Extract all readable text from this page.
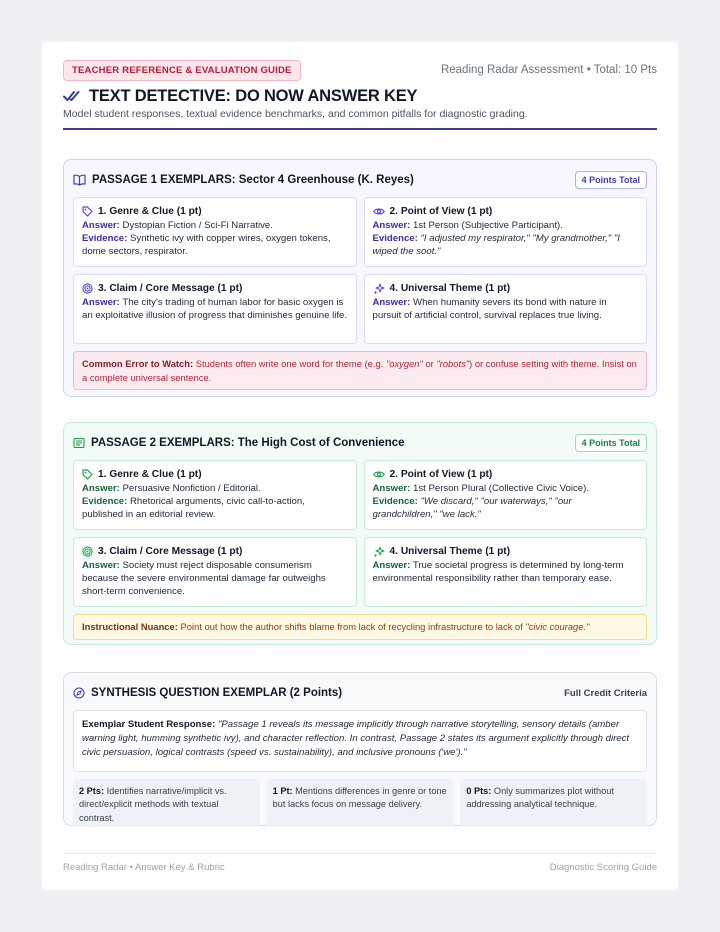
TEACHER REFERENCE & EVALUATION GUIDE	Reading Radar Assessment • Total: 10 Pts
TEXT DETECTIVE: DO NOW ANSWER KEY
Model student responses, textual evidence benchmarks, and common pitfalls for diagnostic grading.
PASSAGE 1 EXEMPLARS: Sector 4 Greenhouse (K. Reyes)	4 Points Total
1. Genre & Clue (1 pt)
Answer: Dystopian Fiction / Sci-Fi Narrative.
Evidence: Synthetic ivy with copper wires, oxygen tokens, dome sectors, respirator.
2. Point of View (1 pt)
Answer: 1st Person (Subjective Participant).
Evidence: "I adjusted my respirator," "My grandmother," "I wiped the soot."
3. Claim / Core Message (1 pt)
Answer: The city's trading of human labor for basic oxygen is an exploitative illusion of progress that diminishes genuine life.
4. Universal Theme (1 pt)
Answer: When humanity severs its bond with nature in pursuit of artificial control, survival replaces true living.
Common Error to Watch: Students often write one word for theme (e.g. "oxygen" or "robots") or confuse setting with theme. Insist on a complete universal sentence.
PASSAGE 2 EXEMPLARS: The High Cost of Convenience	4 Points Total
1. Genre & Clue (1 pt)
Answer: Persuasive Nonfiction / Editorial.
Evidence: Rhetorical arguments, civic call-to-action, published in an editorial review.
2. Point of View (1 pt)
Answer: 1st Person Plural (Collective Civic Voice).
Evidence: "We discard," "our waterways," "our grandchildren," "we lack."
3. Claim / Core Message (1 pt)
Answer: Society must reject disposable consumerism because the severe environmental damage far outweighs short-term convenience.
4. Universal Theme (1 pt)
Answer: True societal progress is determined by long-term environmental responsibility rather than temporary ease.
Instructional Nuance: Point out how the author shifts blame from lack of recycling infrastructure to lack of "civic courage."
SYNTHESIS QUESTION EXEMPLAR (2 Points)	Full Credit Criteria
Exemplar Student Response: "Passage 1 reveals its message implicitly through narrative storytelling, sensory details (amber warning light, humming synthetic ivy), and character reflection. In contrast, Passage 2 states its argument explicitly through direct civic persuasion, logical contrasts (speed vs. sustainability), and inclusive pronouns ('we')."
2 Pts: Identifies narrative/implicit vs. direct/explicit methods with textual contrast.
1 Pt: Mentions differences in genre or tone but lacks focus on message delivery.
0 Pts: Only summarizes plot without addressing analytical technique.
Reading Radar • Answer Key & Rubric	Diagnostic Scoring Guide
